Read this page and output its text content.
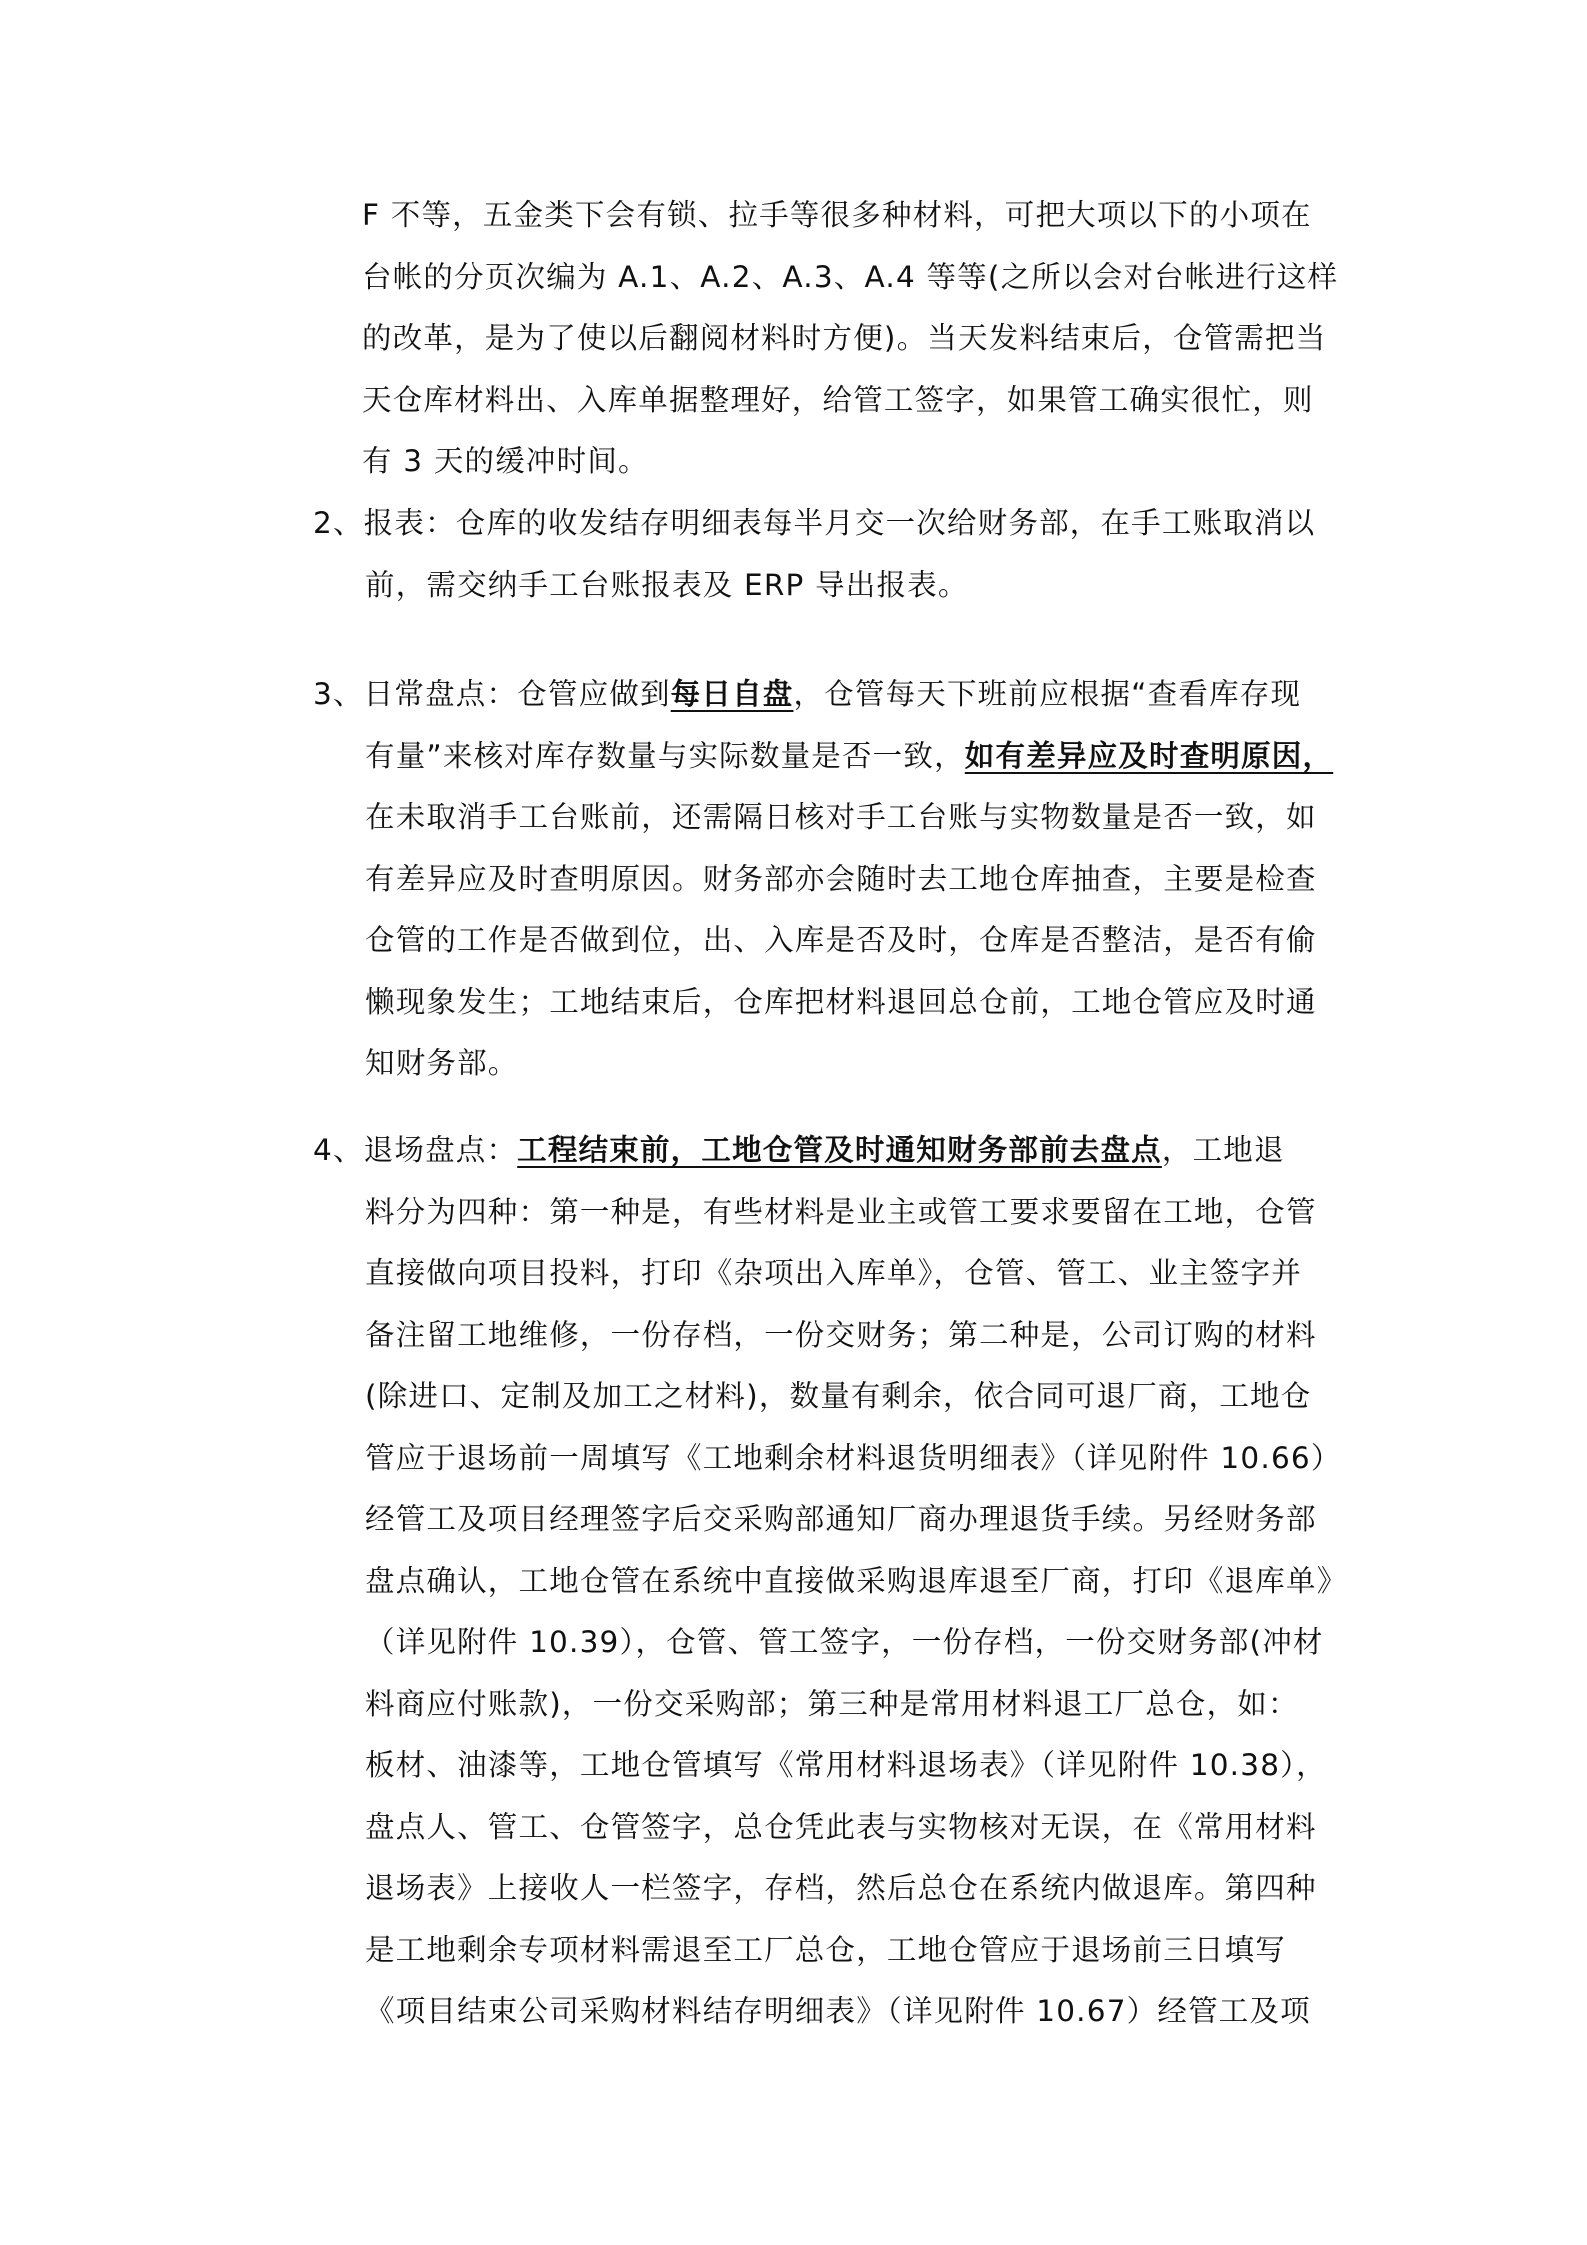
F 不等，五金类下会有锁、拉手等很多种材料，可把大项以下的小项在
台帐的分页次编为 A.1、A.2、A.3、A.4 等等(之所以会对台帐进行这样
的改革，是为了使以后翻阅材料时方便)。当天发料结束后，仓管需把当
天仓库材料出、入库单据整理好，给管工签字，如果管工确实很忙，则
有 3 天的缓冲时间。
2、报表：仓库的收发结存明细表每半月交一次给财务部，在手工账取消以
前，需交纳手工台账报表及 ERP 导出报表。
3、日常盘点：仓管应做到每日自盘，仓管每天下班前应根据“查看库存现
有量”来核对库存数量与实际数量是否一致，如有差异应及时查明原因，
在未取消手工台账前，还需隔日核对手工台账与实物数量是否一致，如
有差异应及时查明原因。财务部亦会随时去工地仓库抽查，主要是检查
仓管的工作是否做到位，出、入库是否及时，仓库是否整洁，是否有偷
懒现象发生；工地结束后，仓库把材料退回总仓前，工地仓管应及时通
知财务部。
4、退场盘点：工程结束前，工地仓管及时通知财务部前去盘点，工地退
料分为四种：第一种是，有些材料是业主或管工要求要留在工地，仓管
直接做向项目投料，打印《杂项出入库单》，仓管、管工、业主签字并
备注留工地维修，一份存档，一份交财务；第二种是，公司订购的材料
(除进口、定制及加工之材料)，数量有剩余，依合同可退厂商，工地仓
管应于退场前一周填写《工地剩余材料退货明细表》（详见附件 10.66）
经管工及项目经理签字后交采购部通知厂商办理退货手续。另经财务部
盘点确认，工地仓管在系统中直接做采购退库退至厂商，打印《退库单》
（详见附件 10.39），仓管、管工签字，一份存档，一份交财务部(冲材
料商应付账款)，一份交采购部；第三种是常用材料退工厂总仓，如：
板材、油漆等，工地仓管填写《常用材料退场表》（详见附件 10.38），
盘点人、管工、仓管签字，总仓凭此表与实物核对无误，在《常用材料
退场表》上接收人一栏签字，存档，然后总仓在系统内做退库。第四种
是工地剩余专项材料需退至工厂总仓，工地仓管应于退场前三日填写
《项目结束公司采购材料结存明细表》（详见附件 10.67）经管工及项
